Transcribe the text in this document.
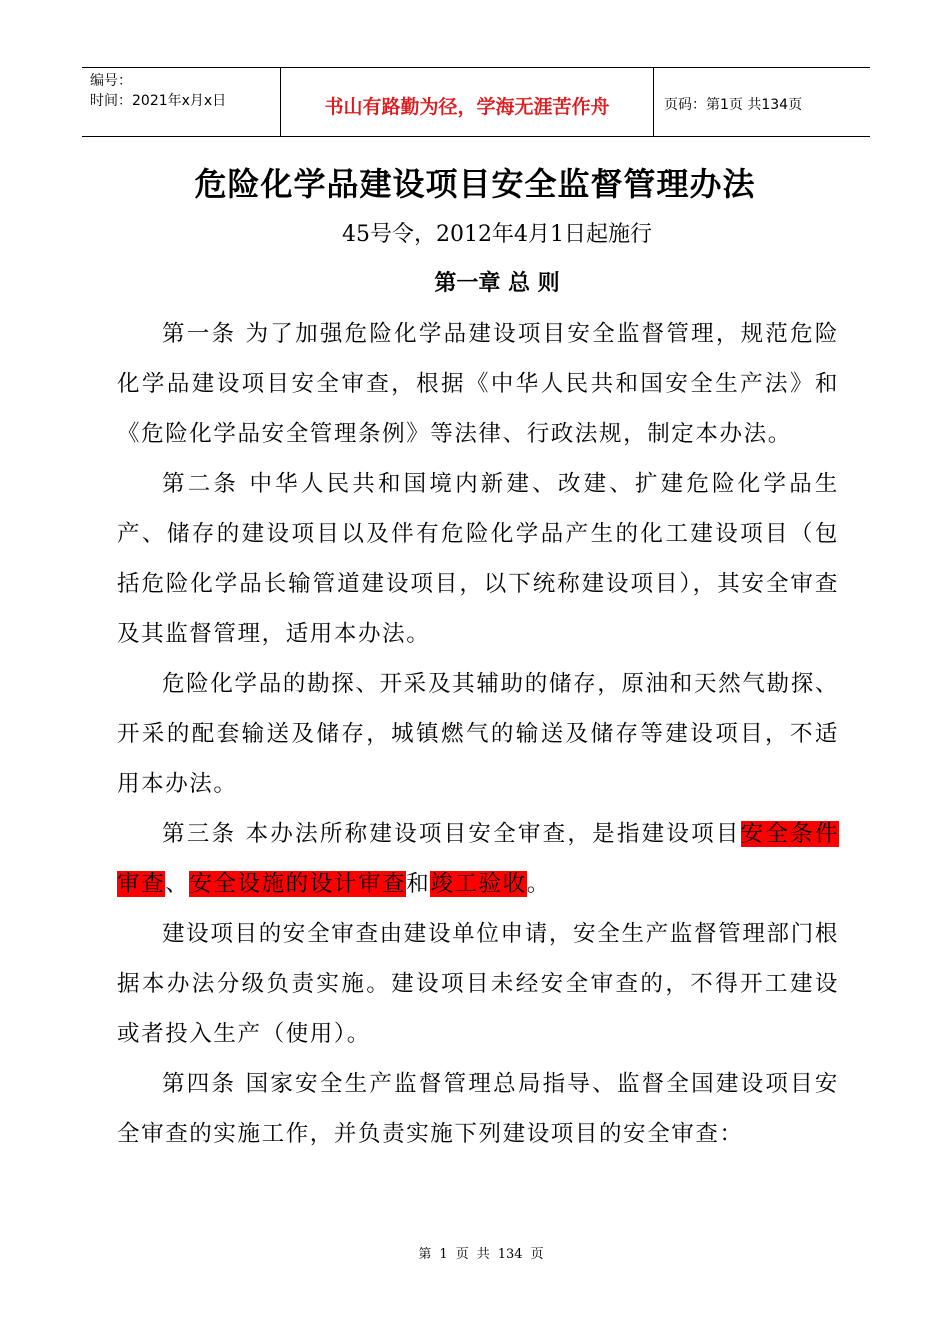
编号：
时间：2021年x月x日	书山有路勤为径，学海无涯苦作舟	页码：第1页 共134页
危险化学品建设项目安全监督管理办法
45号令，2012年4月1日起施行
第一章 总 则

第一条 为了加强危险化学品建设项目安全监督管理，规范危险化学品建设项目安全审查，根据《中华人民共和国安全生产法》和《危险化学品安全管理条例》等法律、行政法规，制定本办法。

第二条 中华人民共和国境内新建、改建、扩建危险化学品生产、储存的建设项目以及伴有危险化学品产生的化工建设项目（包括危险化学品长输管道建设项目，以下统称建设项目），其安全审查及其监督管理，适用本办法。

危险化学品的勘探、开采及其辅助的储存，原油和天然气勘探、开采的配套输送及储存，城镇燃气的输送及储存等建设项目，不适用本办法。

第三条 本办法所称建设项目安全审查，是指建设项目安全条件审查、安全设施的设计审查和竣工验收。

建设项目的安全审查由建设单位申请，安全生产监督管理部门根据本办法分级负责实施。建设项目未经安全审查的，不得开工建设或者投入生产（使用）。

第四条 国家安全生产监督管理总局指导、监督全国建设项目安全审查的实施工作，并负责实施下列建设项目的安全审查：

第 1 页 共 134 页
